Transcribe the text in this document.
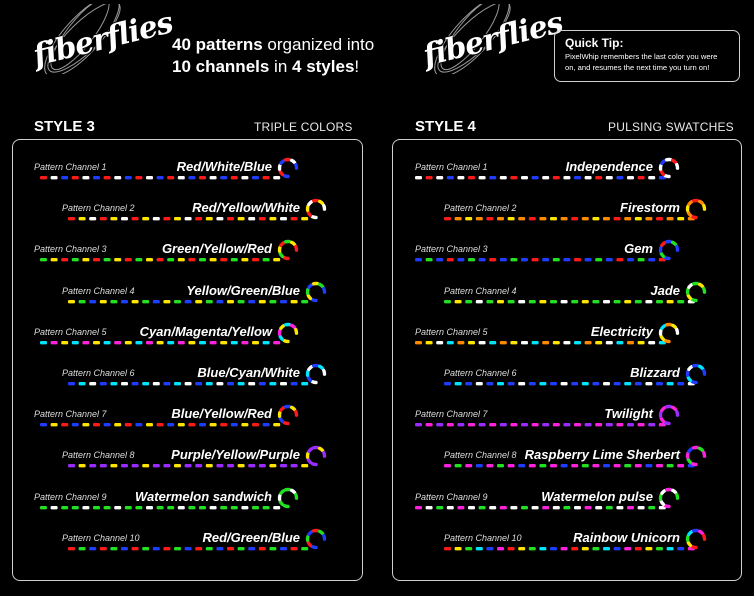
fiberflies	fiberflies
40 patterns organized into
10 channels in 4 styles!
Quick Tip:
PixelWhip remembers the last color you were on, and resumes the next time you turn on!
STYLE 3	TRIPLE COLORS	STYLE 4	PULSING SWATCHES
Pattern Channel 1	Red/White/Blue
Pattern Channel 2	Red/Yellow/White
Pattern Channel 3	Green/Yellow/Red
Pattern Channel 4	Yellow/Green/Blue
Pattern Channel 5	Cyan/Magenta/Yellow
Pattern Channel 6	Blue/Cyan/White
Pattern Channel 7	Blue/Yellow/Red
Pattern Channel 8	Purple/Yellow/Purple
Pattern Channel 9 Watermelon sandwich
Pattern Channel 10	Red/Green/Blue
Pattern Channel 1	Independence
Pattern Channel 2	Firestorm
Pattern Channel 3	Gem
Pattern Channel 4	Jade
Pattern Channel 5	Electricity
Pattern Channel 6	Blizzard
Pattern Channel 7	Twilight
Pattern Channel 8 Raspberry Lime Sherbert
Pattern Channel 9	Watermelon pulse
Pattern Channel 10	Rainbow Unicorn
